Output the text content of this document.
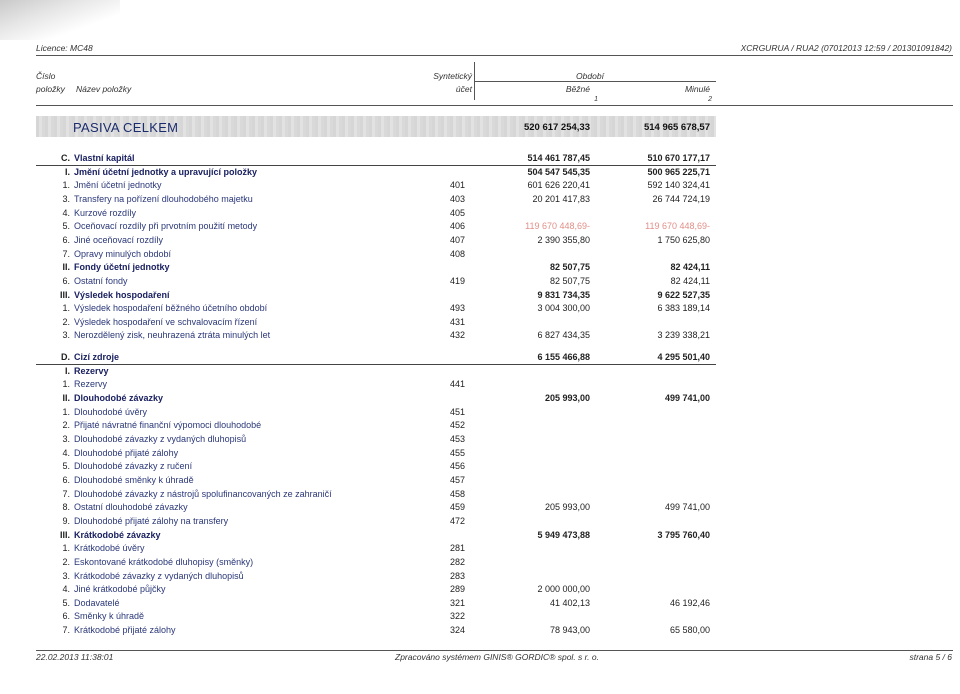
Licence: MC48	XCRGURUA / RUA2 (07012013 12:59 / 201301091842)
Číslo
položky Název položky
Syntetický
účet
Období
Běžné	Minulé
1	2
PASIVA CELKEM	520 617 254,33	514 965 678,57
C. Vlastní kapitál	514 461 787,45	510 670 177,17
I. Jmění účetní jednotky a upravující položky	504 547 545,35	500 965 225,71
1. Jmění účetní jednotky	401	601 626 220,41	592 140 324,41
3. Transfery na pořízení dlouhodobého majetku	403	20 201 417,83	26 744 724,19
4. Kurzové rozdíly	405
5. Oceňovací rozdíly při prvotním použití metody	406	119 670 448,69-	119 670 448,69-
6. Jiné oceňovací rozdíly	407	2 390 355,80	1 750 625,80
7. Opravy minulých období	408
II. Fondy účetní jednotky	82 507,75	82 424,11
6. Ostatní fondy	419	82 507,75	82 424,11
III. Výsledek hospodaření	9 831 734,35	9 622 527,35
1. Výsledek hospodaření běžného účetního období	493	3 004 300,00	6 383 189,14
2. Výsledek hospodaření ve schvalovacím řízení	431
3. Nerozdělený zisk, neuhrazená ztráta minulých let	432	6 827 434,35	3 239 338,21
D. Cizí zdroje	6 155 466,88	4 295 501,40
I. Rezervy
1. Rezervy	441
II. Dlouhodobé závazky	205 993,00	499 741,00
1. Dlouhodobé úvěry	451
2. Přijaté návratné finanční výpomoci dlouhodobé	452
3. Dlouhodobé závazky z vydaných dluhopisů	453
4. Dlouhodobé přijaté zálohy	455
5. Dlouhodobé závazky z ručení	456
6. Dlouhodobé směnky k úhradě	457
7. Dlouhodobé závazky z nástrojů spolufinancovaných ze zahraničí	458
8. Ostatní dlouhodobé závazky	459	205 993,00	499 741,00
9. Dlouhodobé přijaté zálohy na transfery	472
III. Krátkodobé závazky	5 949 473,88	3 795 760,40
1. Krátkodobé úvěry	281
2. Eskontované krátkodobé dluhopisy (směnky)	282
3. Krátkodobé závazky z vydaných dluhopisů	283
4. Jiné krátkodobé půjčky	289	2 000 000,00
5. Dodavatelé	321	41 402,13	46 192,46
6. Směnky k úhradě	322
7. Krátkodobé přijaté zálohy	324	78 943,00	65 580,00
22.02.2013 11:38:01	Zpracováno systémem GINIS® GORDIC® spol. s r. o.	strana 5 / 6
